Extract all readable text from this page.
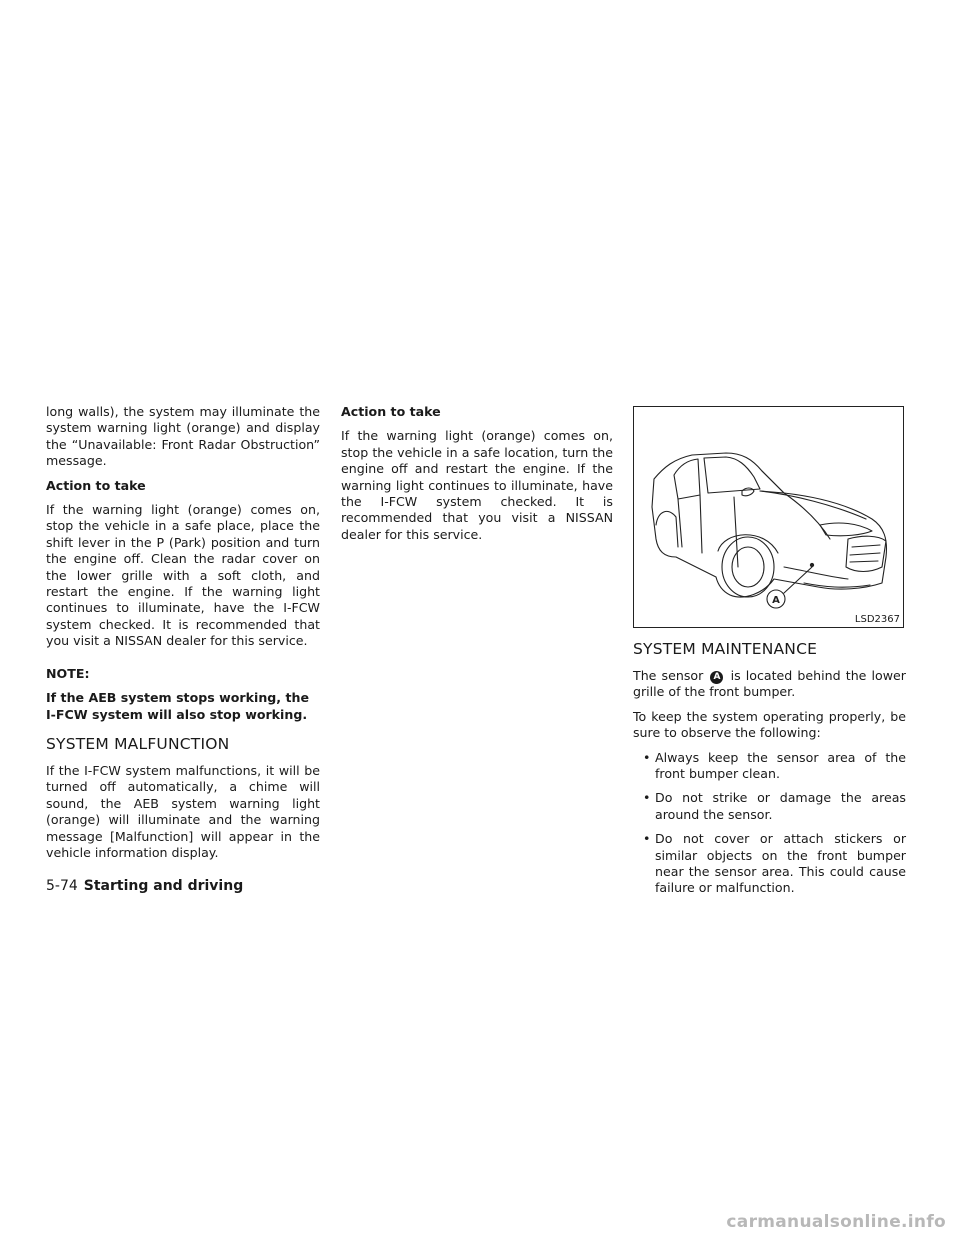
long walls), the system may illuminate the system warning light (orange) and display the “Unavailable: Front Radar Obstruction” message.

Action to take

If the warning light (orange) comes on, stop the vehicle in a safe place, place the shift lever in the P (Park) position and turn the engine off. Clean the radar cover on the lower grille with a soft cloth, and restart the engine. If the warning light continues to illuminate, have the I-FCW system checked. It is recommended that you visit a NISSAN dealer for this service.

NOTE:

If the AEB system stops working, the I-FCW system will also stop working.

SYSTEM MALFUNCTION

If the I-FCW system malfunctions, it will be turned off automatically, a chime will sound, the AEB system warning light (orange) will illuminate and the warning message [Malfunction] will appear in the vehicle information display.

Action to take

If the warning light (orange) comes on, stop the vehicle in a safe location, turn the engine off and restart the engine. If the warning light continues to illuminate, have the I-FCW system checked. It is recommended that you visit a NISSAN dealer for this service.

A
LSD2367
SYSTEM MAINTENANCE

The sensor A is located behind the lower grille of the front bumper.

To keep the system operating properly, be sure to observe the following:

• Always keep the sensor area of the front bumper clean.
• Do not strike or damage the areas around the sensor.
• Do not cover or attach stickers or similar objects on the front bumper near the sensor area. This could cause failure or malfunction.
5-74 Starting and driving
carmanualsonline.info
